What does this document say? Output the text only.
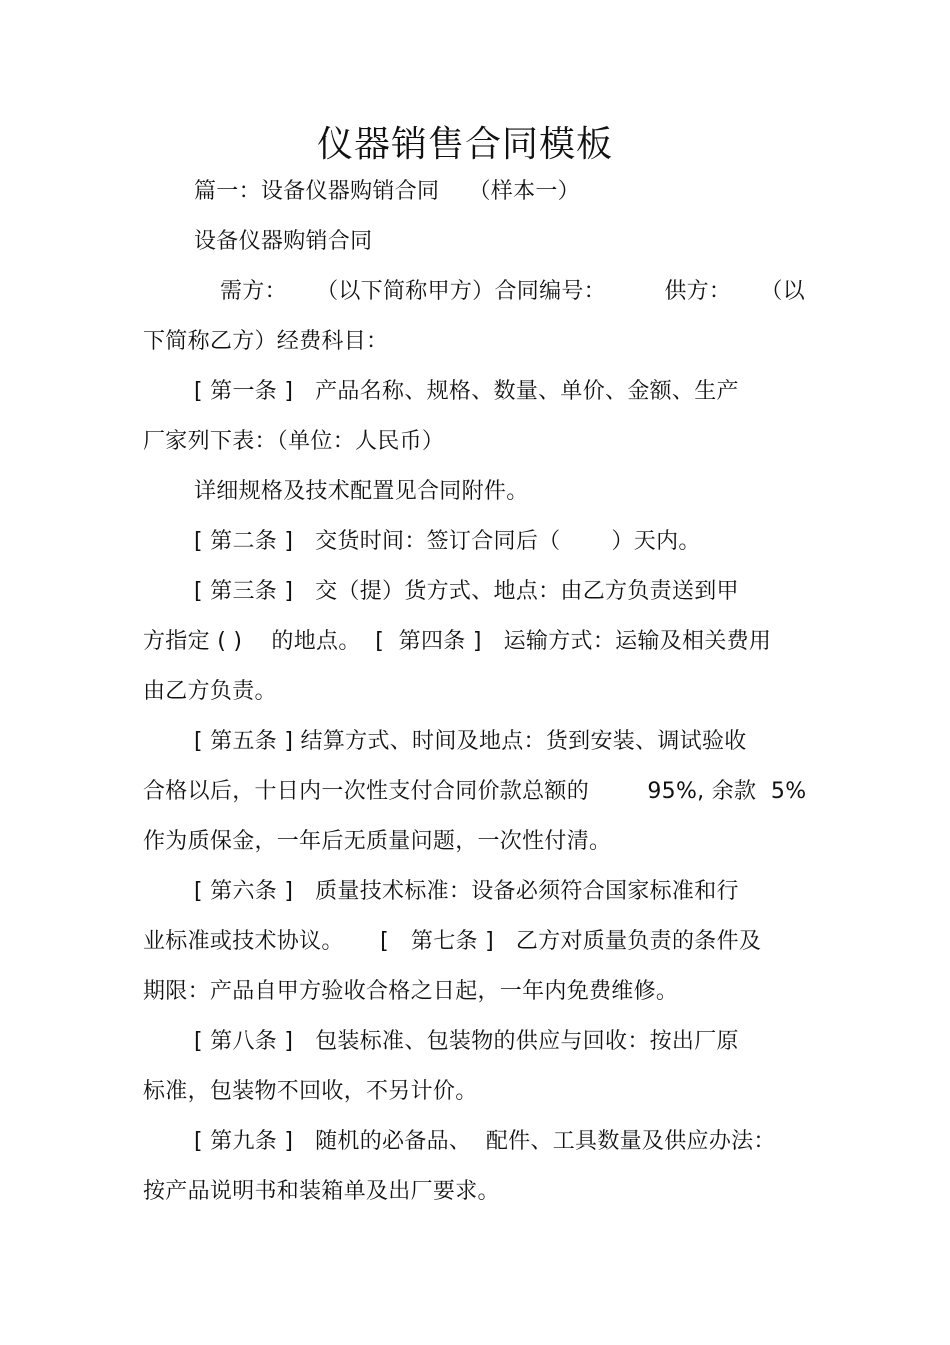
仪器销售合同模板
篇一：设备仪器购销合同    （样本一）
设备仪器购销合同
需方：    （以下简称甲方）合同编号：        供方：    （以
下简称乙方）经费科目：
[ 第一条 ]   产品名称、规格、数量、单价、金额、生产
厂家列下表：（单位：人民币）
详细规格及技术配置见合同附件。
[ 第二条 ]   交货时间：签订合同后（       ）天内。
[ 第三条 ]   交（提）货方式、地点：由乙方负责送到甲
方指定 ( )    的地点。  [  第四条 ]   运输方式：运输及相关费用
由乙方负责。
[ 第五条 ] 结算方式、时间及地点：货到安装、调试验收
合格以后，十日内一次性支付合同价款总额的        95%, 余款  5%
作为质保金，一年后无质量问题，一次性付清。
[ 第六条 ]   质量技术标准：设备必须符合国家标准和行
业标准或技术协议。     [   第七条 ]   乙方对质量负责的条件及
期限：产品自甲方验收合格之日起，一年内免费维修。
[ 第八条 ]   包装标准、包装物的供应与回收：按出厂原
标准，包装物不回收，不另计价。
[ 第九条 ]   随机的必备品、  配件、工具数量及供应办法：
按产品说明书和装箱单及出厂要求。
